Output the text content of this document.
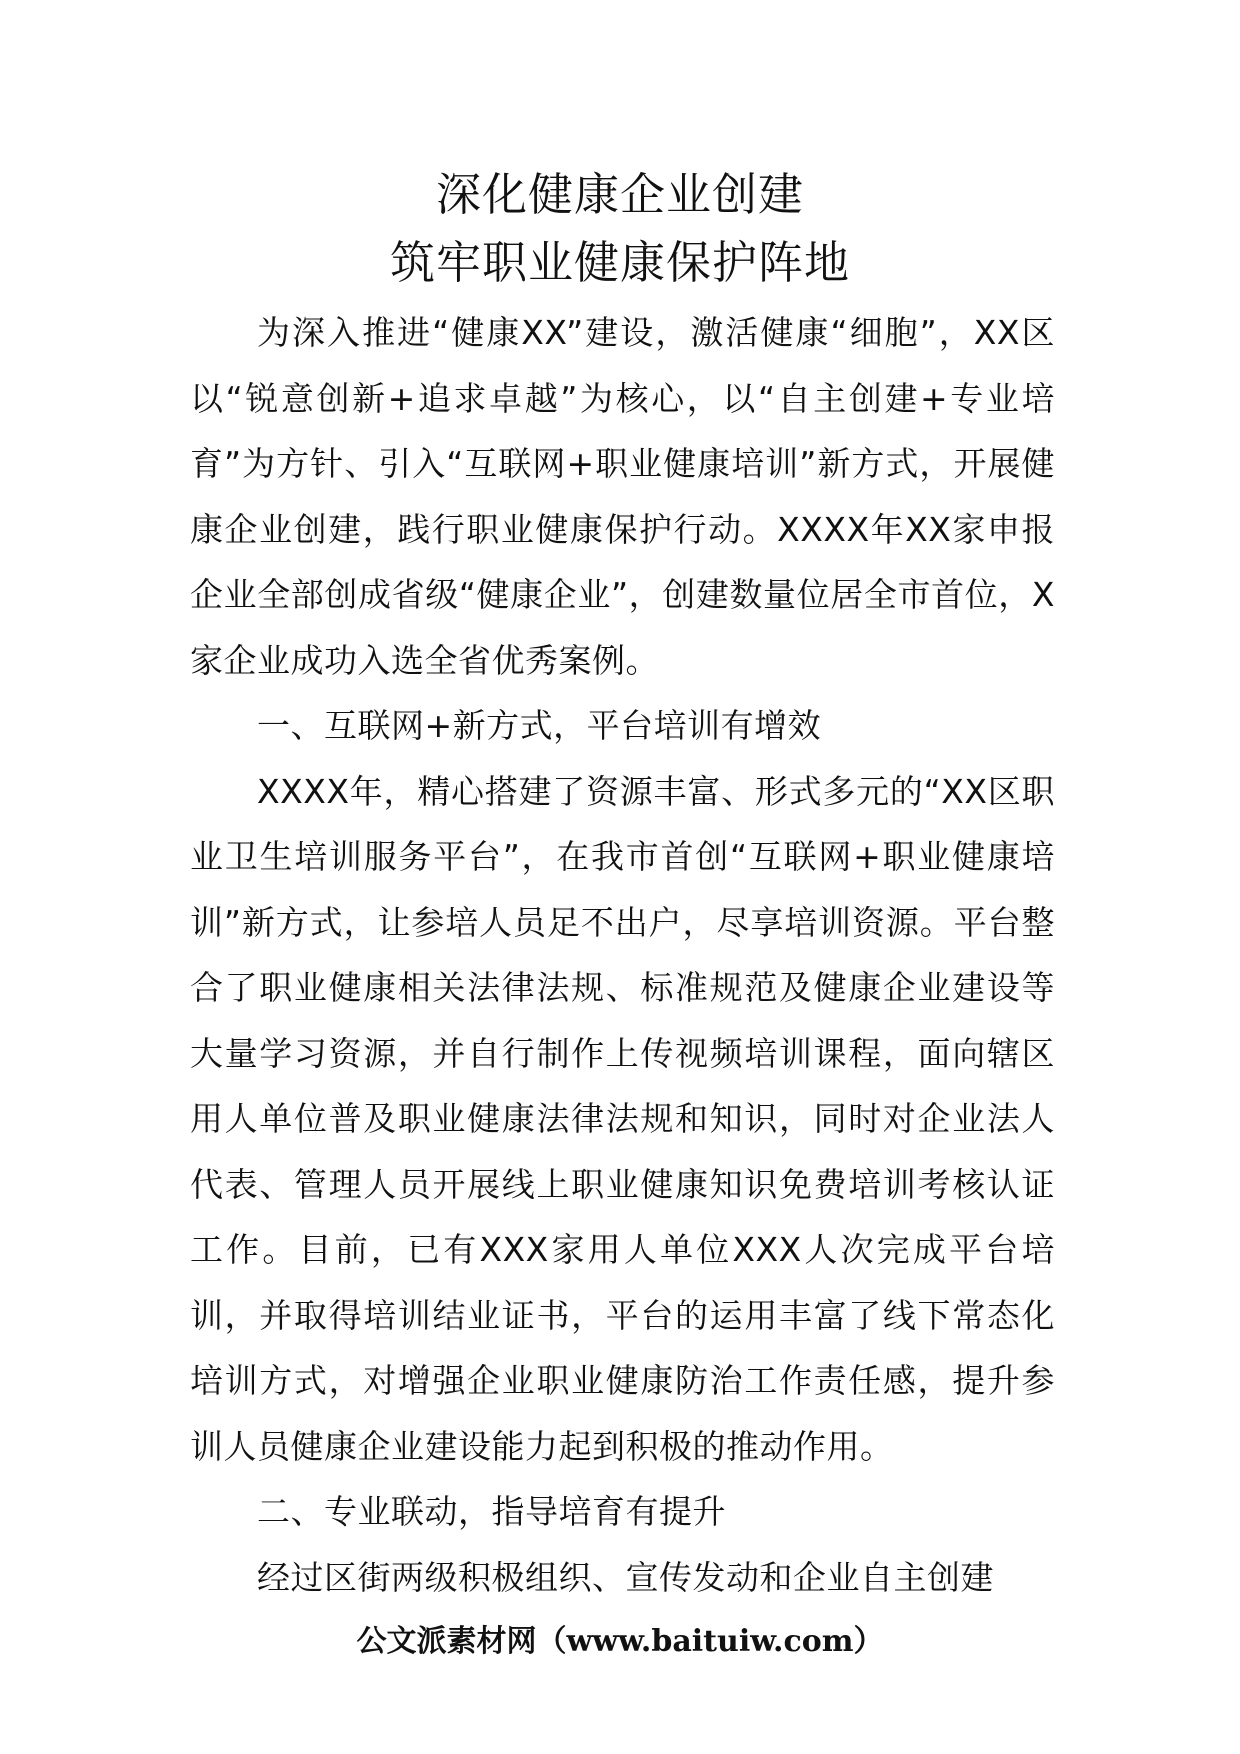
深化健康企业创建
筑牢职业健康保护阵地

为深入推进“健康XX”建设，激活健康“细胞”，XX区以“锐意创新+追求卓越”为核心，以“自主创建+专业培育”为方针、引入“互联网+职业健康培训”新方式，开展健康企业创建，践行职业健康保护行动。XXXX年XX家申报企业全部创成省级“健康企业”，创建数量位居全市首位，X家企业成功入选全省优秀案例。

一、互联网+新方式，平台培训有增效

XXXX年，精心搭建了资源丰富、形式多元的“XX区职业卫生培训服务平台”，在我市首创“互联网+职业健康培训”新方式，让参培人员足不出户，尽享培训资源。平台整合了职业健康相关法律法规、标准规范及健康企业建设等大量学习资源，并自行制作上传视频培训课程，面向辖区用人单位普及职业健康法律法规和知识，同时对企业法人代表、管理人员开展线上职业健康知识免费培训考核认证工作。目前，已有XXX家用人单位XXX人次完成平台培训，并取得培训结业证书，平台的运用丰富了线下常态化培训方式，对增强企业职业健康防治工作责任感，提升参训人员健康企业建设能力起到积极的推动作用。

二、专业联动，指导培育有提升

经过区街两级积极组织、宣传发动和企业自主创建

公文派素材网（www.baituiw.com）
